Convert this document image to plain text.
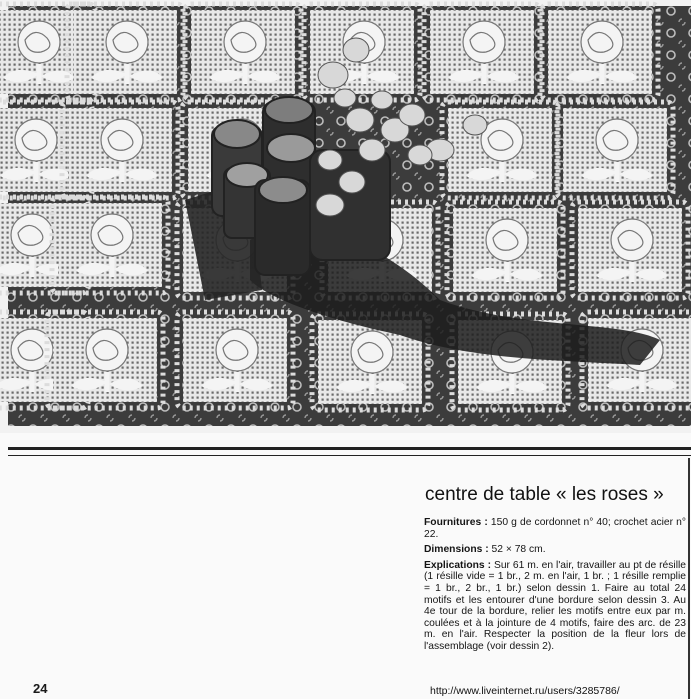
centre de table « les roses »

Fournitures : 150 g de cordonnet n° 40; crochet acier n° 22.

Dimensions : 52 × 78 cm.

Explications : Sur 61 m. en l'air, travailler au pt de résille (1 résille vide = 1 br., 2 m. en l'air, 1 br. ; 1 résille remplie = 1 br., 2 br., 1 br.) selon dessin 1. Faire au total 24 motifs et les entourer d'une bordure selon dessin 3. Au 4e tour de la bordure, relier les motifs entre eux par m. coulées et à la jointure de 4 motifs, faire des arc. de 23 m. en l'air. Respecter la position de la fleur lors de l'assemblage (voir dessin 2).

24	http://www.liveinternet.ru/users/3285786/
